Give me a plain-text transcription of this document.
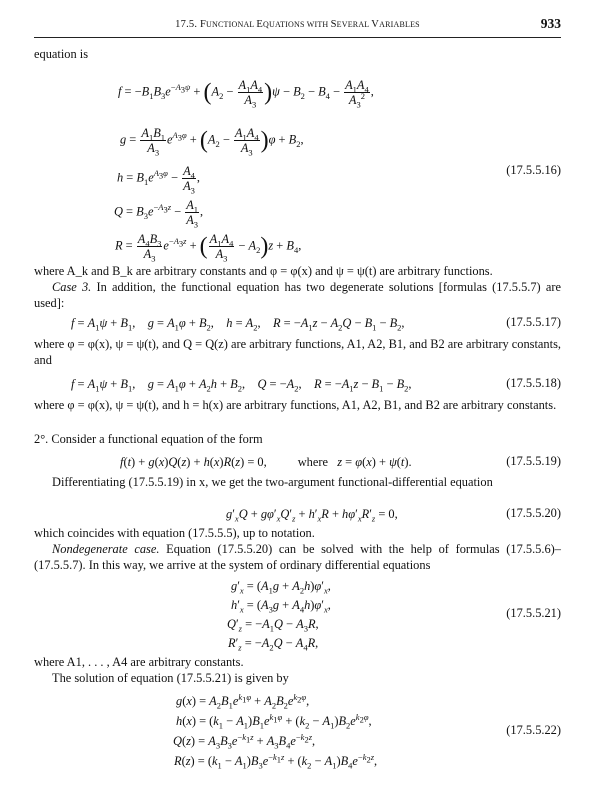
17.5. FUNCTIONAL EQUATIONS WITH SEVERAL VARIABLES	933
equation is
$f = -B_1B_3e^{-A_3\psi} + (A_2 - \frac{A_1A_4}{A_3} )\psi - B_2 - B_4 - \frac{A_1A_4}{A_3^2}$ ,
$g = \frac{A_1B_1}{A_3} e^{A_3\varphi} + (A_2 - \frac{A_1A_4}{A_3} )\varphi + B_2$,
$h = B_1e^{A_3\varphi} - \frac{A_4}{A_3}$ ,
(17.5.5.16)
$Q = B_3e^{-A_3z} - \frac{A_1}{A_3}$ ,
$R = \frac{A_4B_3}{A_3} e^{-A_3z}$ + ( $\frac{A_1A_4}{A_3} - A_2)z + B_4$,
where A_k and B_k are arbitrary constants and φ = φ(x) and ψ = ψ(t) are arbitrary functions.
Case 3. In addition, the functional equation has two degenerate solutions [formulas (17.5.5.7) are used]:
$f = A_1\psi + B_1$,    $g = A_1\varphi + B_2$,    $h = A_2$,    $R = -A_1z - A_2Q - B_1 - B_2$,	(17.5.5.17)
where φ = φ(x), ψ = ψ(t), and Q = Q(z) are arbitrary functions, A1, A2, B1, and B2 are arbitrary constants, and
$f = A_1\psi + B_1$,    $g = A_1\varphi + A_2h + B_2$,    $Q = -A_2$,    $R = -A_1z - B_1 - B_2$,	(17.5.5.18)
where φ = φ(x), ψ = ψ(t), and h = h(x) are arbitrary functions, A1, A2, B1, and B2 are arbitrary constants.
2°. Consider a functional equation of the form
f(t) + g(x)Q(z) + h(x)R(z) = 0,          where   z = φ(x) + ψ(t).	(17.5.5.19)
Differentiating (17.5.5.19) in x, we get the two-argument functional-differential equation
$g'_xQ + g\varphi'_xQ'_z + h'_xR + h\varphi'_xR'_z = 0$,	(17.5.5.20)
which coincides with equation (17.5.5.5), up to notation.
Nondegenerate case. Equation (17.5.5.20) can be solved with the help of formulas (17.5.5.6)–(17.5.5.7). In this way, we arrive at the system of ordinary differential equations
$g'_x = (A_1g + A_2h)\varphi'_x$,
$h'_x = (A_3g + A_4h)\varphi'_x$,
(17.5.5.21)
$Q'_z = -A_1Q - A_3R$,
$R'_z = -A_2Q - A_4R$,
where A1, . . . , A4 are arbitrary constants.
The solution of equation (17.5.5.21) is given by
$g(x) = A_2B_1e^{k_1\varphi} + A_2B_2e^{k_2\varphi}$,
$h(x) = (k_1 - A_1)B_1e^{k_1\varphi} + (k_2 - A_1)B_2e^{k_2\varphi}$,
(17.5.5.22)
$Q(z) = A_3B_3e^{-k_1z} + A_3B_4e^{-k_2z}$,
$R(z) = (k_1 - A_1)B_3e^{-k_1z} + (k_2 - A_1)B_4e^{-k_2z}$,
